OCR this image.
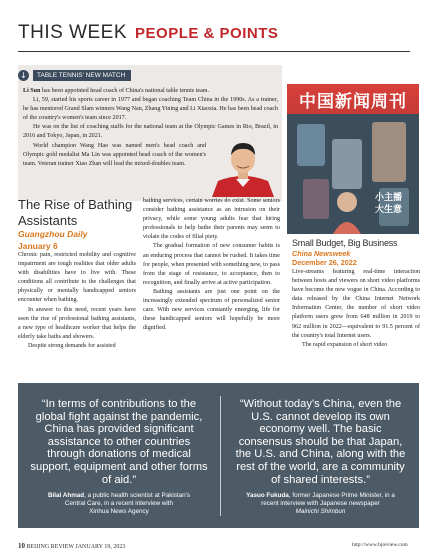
THIS WEEK PEOPLE & POINTS
↓	TABLE TENNIS' NEW MATCH

Li Sun has been appointed head coach of China's national table tennis team.

Li, 59, started his sports career in 1977 and began coaching Team China in the 1990s. As a trainer, he has mentored Grand Slam winners Wang Nan, Zhang Yining and Li Xiaoxia. He has been head coach of the country's women's team since 2017.

He was on the list of coaching staffs for the national team at the Olympic Games in Rio, Brazil, in 2016 and Tokyo, Japan, in 2021.

World champion Wang Hao was named men's head coach and Olympic gold medalist Ma Lin was appointed head coach of the women's team. Veteran trainer Xiao Zhan will lead the mixed-doubles team.

中国新闻周刊
小主播
大生意
The Rise of Bathing Assistants
Guangzhou Daily
January 6

Chronic pain, restricted mobility and cognitive impairment are tough realities that older adults with disabilities have to live with. These conditions all contribute to the challenges that physically or mentally handicapped seniors encounter when bathing.

In answer to this need, recent years have seen the rise of professional bathing assistants, a new type of healthcare worker that helps the elderly take baths and showers.

Despite strong demands for assisted

bathing services, certain worries do exist. Some seniors consider bathing assistance as an intrusion on their privacy, while some young adults fear that hiring professionals to help bathe their parents may seem to violate the codes of filial piety.

The gradual formation of new consumer habits is an enduring process that cannot be rushed. It takes time for people, when presented with something new, to pass from the stage of resistance, to acceptance, then to recognition, and finally arrive at active participation.

Bathing assistants are just one point on the increasingly extended spectrum of personalized senior care. With new services constantly emerging, life for these handicapped seniors will hopefully be more dignified.

Small Budget, Big Business
China Newsweek
December 26, 2022

Live-streams featuring real-time interaction between hosts and viewers on short video platforms have become the new vogue in China. According to data released by the China Internet Network Information Center, the number of short video platform users grew from 648 million in 2019 to 962 million in 2022—equivalent to 91.5 percent of the country's total Internet users.

The rapid expansion of short video

“In terms of contributions to the global fight against the pandemic, China has provided significant assistance to other countries through donations of medical support, equipment and other forms of aid.”
Bilal Ahmad, a public health scientist at Pakistan's
Central Care, in a recent interview with
Xinhua News Agency
“Without today's China, even the U.S. cannot develop its own economy well. The basic consensus should be that Japan, the U.S. and China, along with the rest of the world, are a community of shared interests.”
Yasuo Fukuda, former Japanese Prime Minister, in a
recent interview with Japanese newspaper
Mainichi Shimbun
10 BEIJING REVIEW JANUARY 19, 2023	http://www.bjreview.com
